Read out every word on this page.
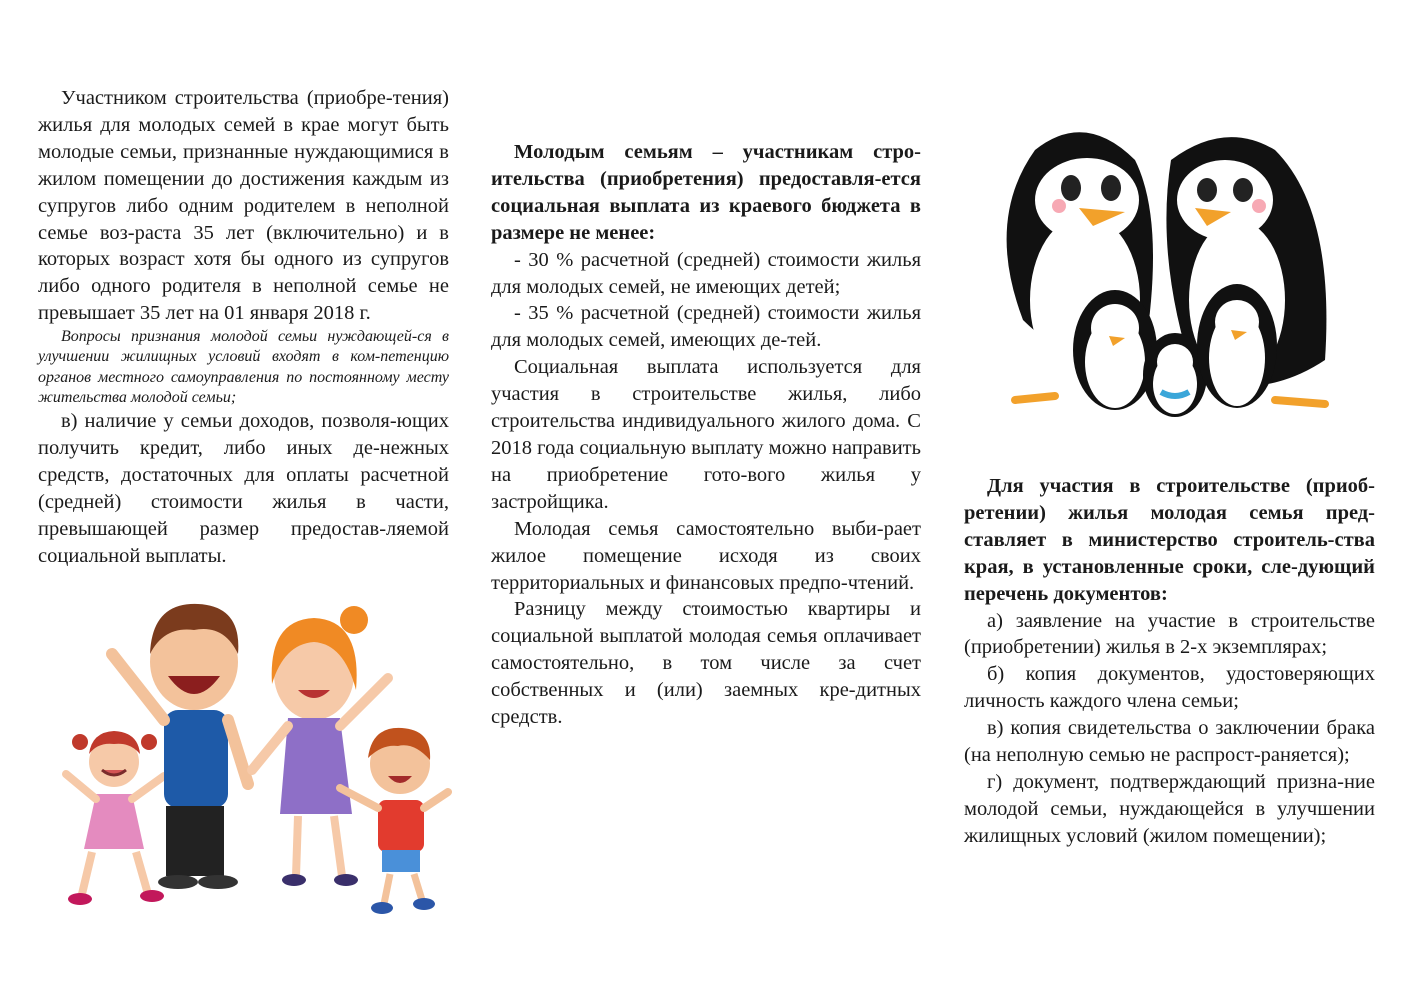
Участником строительства (приобре-тения) жилья для молодых семей в крае могут быть молодые семьи, признанные нуждающимися в жилом помещении до достижения каждым из супругов либо одним родителем в неполной семье воз-раста 35 лет (включительно) и в которых возраст хотя бы одного из супругов либо одного родителя в неполной семье не превышает 35 лет на 01 января 2018 г.

Вопросы признания молодой семьи нуждающей-ся в улучшении жилищных условий входят в ком-петенцию органов местного самоуправления по постоянному месту жительства молодой семьи;

в) наличие у семьи доходов, позволя-ющих получить кредит, либо иных де-нежных средств, достаточных для оплаты расчетной (средней) стоимости жилья в части, превышающей размер предостав-ляемой социальной выплаты.

Молодым семьям – участникам стро-ительства (приобретения) предоставля-ется социальная выплата из краевого бюджета в размере не менее:

- 30 % расчетной (средней) стоимости жилья для молодых семей, не имеющих детей;

- 35 % расчетной (средней) стоимости жилья для молодых семей, имеющих де-тей.

Социальная выплата используется для участия в строительстве жилья, либо строительства индивидуального жилого дома. С 2018 года социальную выплату можно направить на приобретение гото-вого жилья у застройщика.

Молодая семья самостоятельно выби-рает жилое помещение исходя из своих территориальных и финансовых предпо-чтений.

Разницу между стоимостью квартиры и социальной выплатой молодая семья оплачивает самостоятельно, в том числе за счет собственных и (или) заемных кре-дитных средств.

Для участия в строительстве (приоб-ретении) жилья молодая семья пред-ставляет в министерство строитель-ства края, в установленные сроки, сле-дующий перечень документов:

а) заявление на участие в строительстве (приобретении) жилья в 2-х экземплярах;

б) копия документов, удостоверяющих личность каждого члена семьи;

в) копия свидетельства о заключении брака (на неполную семью не распрост-раняется);

г) документ, подтверждающий призна-ние молодой семьи, нуждающейся в улучшении жилищных условий (жилом помещении);
